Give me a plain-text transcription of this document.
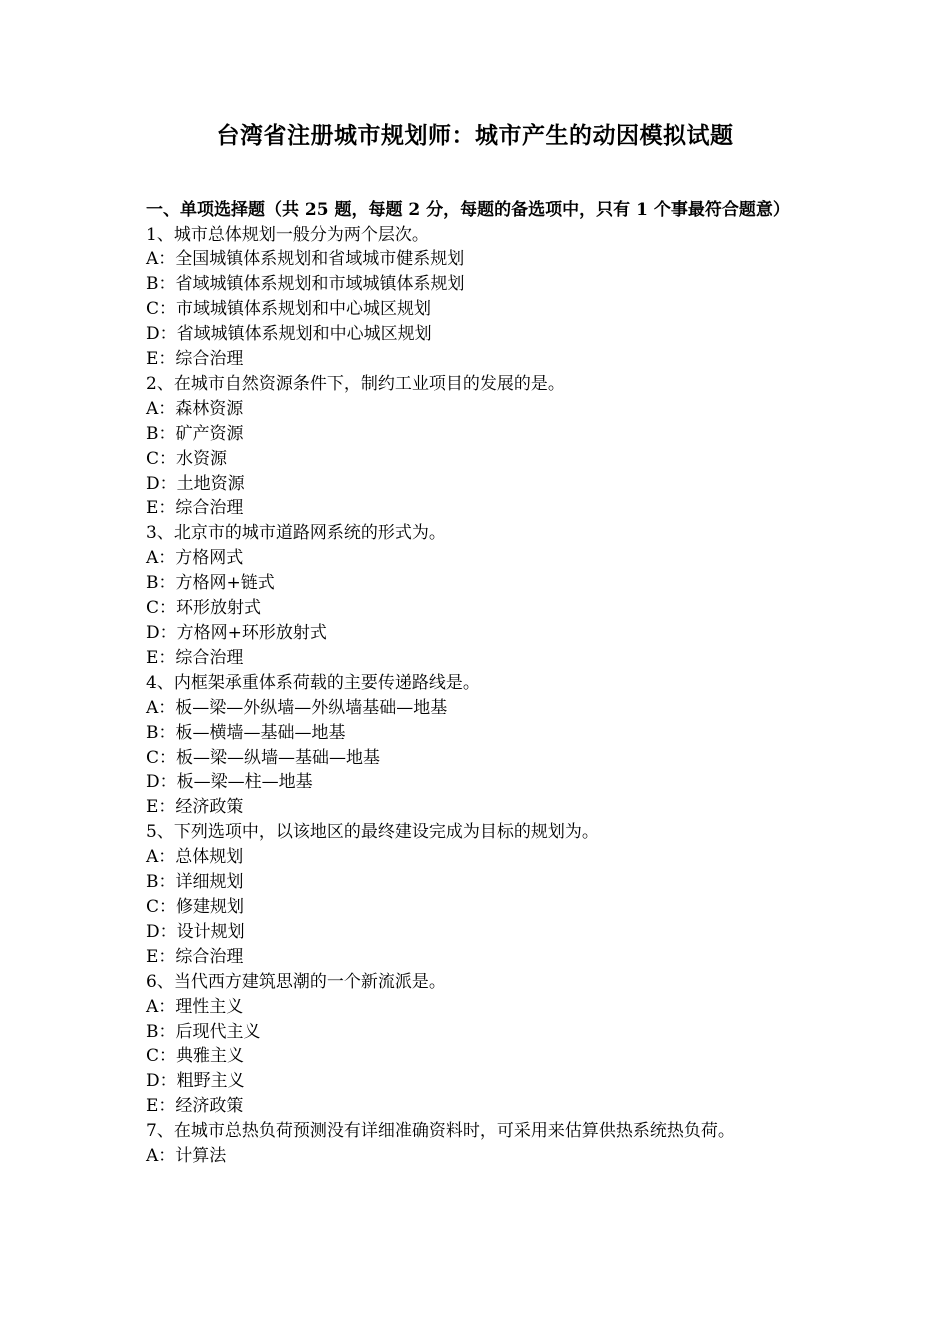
台湾省注册城市规划师：城市产生的动因模拟试题

一、单项选择题（共 25 题，每题 2 分，每题的备选项中，只有 1 个事最符合题意）

1、城市总体规划一般分为两个层次。
A：全国城镇体系规划和省域城市健系规划
B：省域城镇体系规划和市域城镇体系规划
C：市域城镇体系规划和中心城区规划
D：省域城镇体系规划和中心城区规划
E：综合治理
2、在城市自然资源条件下，制约工业项目的发展的是。
A：森林资源
B：矿产资源
C：水资源
D：土地资源
E：综合治理
3、北京市的城市道路网系统的形式为。
A：方格网式
B：方格网+链式
C：环形放射式
D：方格网+环形放射式
E：综合治理
4、内框架承重体系荷载的主要传递路线是。
A：板—梁—外纵墙—外纵墙基础—地基
B：板—横墙—基础—地基
C：板—梁—纵墙—基础—地基
D：板—梁—柱—地基
E：经济政策
5、下列选项中，以该地区的最终建设完成为目标的规划为。
A：总体规划
B：详细规划
C：修建规划
D：设计规划
E：综合治理
6、当代西方建筑思潮的一个新流派是。
A：理性主义
B：后现代主义
C：典雅主义
D：粗野主义
E：经济政策
7、在城市总热负荷预测没有详细准确资料时，可采用来估算供热系统热负荷。
A：计算法
